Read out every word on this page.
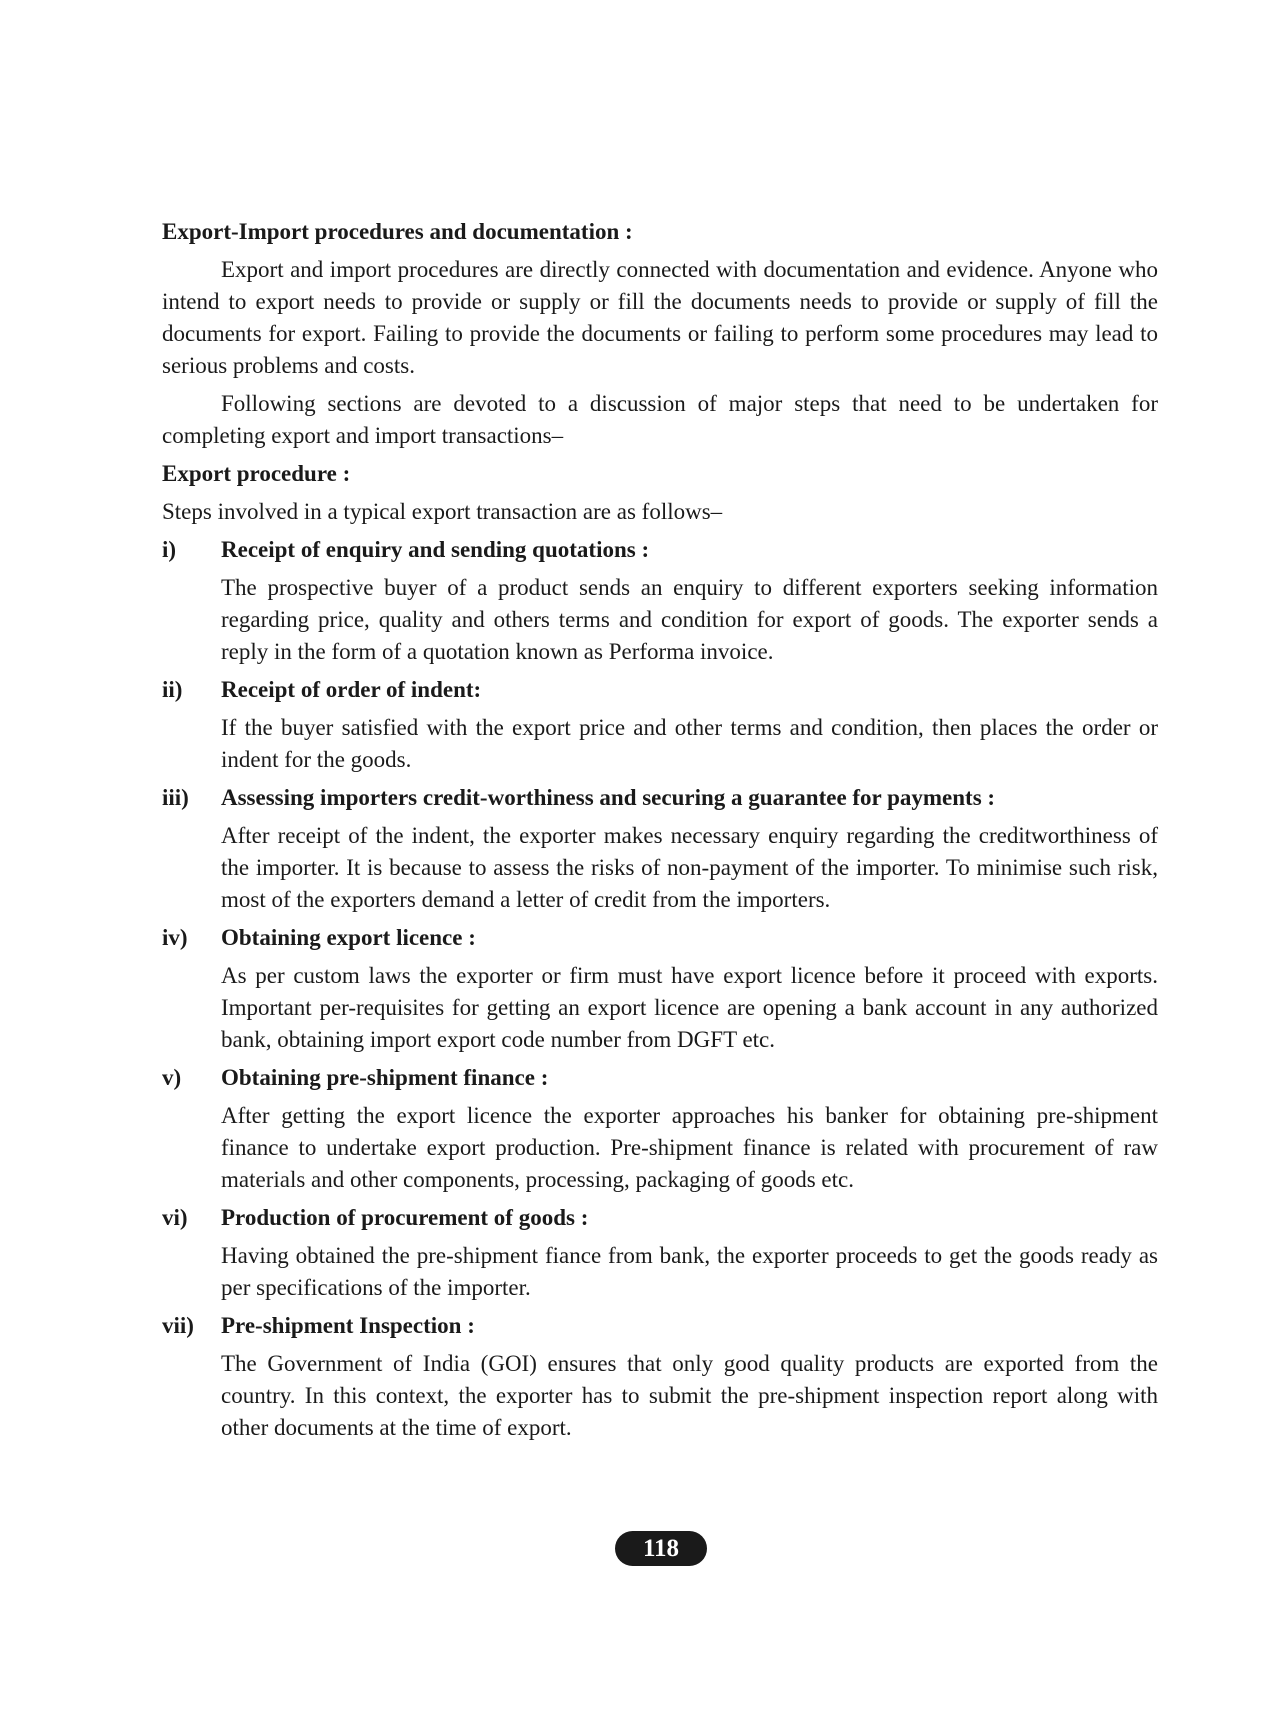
Export-Import procedures and documentation :
Export and import procedures are directly connected with documentation and evidence. Anyone who intend to export needs to provide or supply or fill the documents needs to provide or supply of fill the documents for export. Failing to provide the documents or failing to perform some procedures may lead to serious problems and costs.
Following sections are devoted to a discussion of major steps that need to be undertaken for completing export and import transactions–
Export procedure :
Steps involved in a typical export transaction are as follows–
i)	Receipt of enquiry and sending quotations :
The prospective buyer of a product sends an enquiry to different exporters seeking information regarding price, quality and others terms and condition for export of goods. The exporter sends a reply in the form of a quotation known as Performa invoice.
ii)	Receipt of order of indent:
If the buyer satisfied with the export price and other terms and condition, then places the order or indent for the goods.
iii)	Assessing importers credit-worthiness and securing a guarantee for payments :
After receipt of the indent, the exporter makes necessary enquiry regarding the creditworthiness of the importer. It is because to assess the risks of non-payment of the importer. To minimise such risk, most of the exporters demand a letter of credit from the importers.
iv)	Obtaining export licence :
As per custom laws the exporter or firm must have export licence before it proceed with exports. Important per-requisites for getting an export licence are opening a bank account in any authorized bank, obtaining import export code number from DGFT etc.
v)	Obtaining pre-shipment finance :
After getting the export licence the exporter approaches his banker for obtaining pre-shipment finance to undertake export production. Pre-shipment finance is related with procurement of raw materials and other components, processing, packaging of goods etc.
vi)	Production of procurement of goods :
Having obtained the pre-shipment fiance from bank, the exporter proceeds to get the goods ready as per specifications of the importer.
vii)	Pre-shipment Inspection :
The Government of India (GOI) ensures that only good quality products are exported from the country. In this context, the exporter has to submit the pre-shipment inspection report along with other documents at the time of export.
118
